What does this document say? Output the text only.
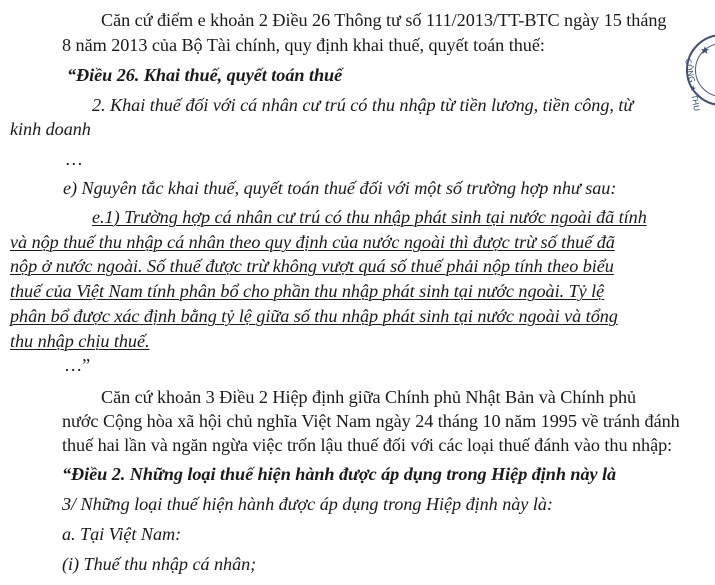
Căn cứ điểm e khoản 2 Điều 26 Thông tư số 111/2013/TT-BTC ngày 15 tháng
8 năm 2013 của Bộ Tài chính, quy định khai thuế, quyết toán thuế:
“Điều 26. Khai thuế, quyết toán thuế
2. Khai thuế đối với cá nhân cư trú có thu nhập từ tiền lương, tiền công, từ
kinh doanh
…
e) Nguyên tắc khai thuế, quyết toán thuế đối với một số trường hợp như sau:
e.1) Trường hợp cá nhân cư trú có thu nhập phát sinh tại nước ngoài đã tính
và nộp thuế thu nhập cá nhân theo quy định của nước ngoài thì được trừ số thuế đã
nộp ở nước ngoài. Số thuế được trừ không vượt quá số thuế phải nộp tính theo biểu
thuế của Việt Nam tính phân bổ cho phần thu nhập phát sinh tại nước ngoài. Tỷ lệ
phân bổ được xác định bằng tỷ lệ giữa số thu nhập phát sinh tại nước ngoài và tổng
thu nhập chịu thuế.
…”
Căn cứ khoản 3 Điều 2 Hiệp định giữa Chính phủ Nhật Bản và Chính phủ
nước Cộng hòa xã hội chủ nghĩa Việt Nam ngày 24 tháng 10 năm 1995 về tránh đánh
thuế hai lần và ngăn ngừa việc trốn lậu thuế đối với các loại thuế đánh vào thu nhập:
“Điều 2. Những loại thuế hiện hành được áp dụng trong Hiệp định này là
3/ Những loại thuế hiện hành được áp dụng trong Hiệp định này là:
a. Tại Việt Nam:
(i) Thuế thu nhập cá nhân;
★
CÔNG ★ THU
